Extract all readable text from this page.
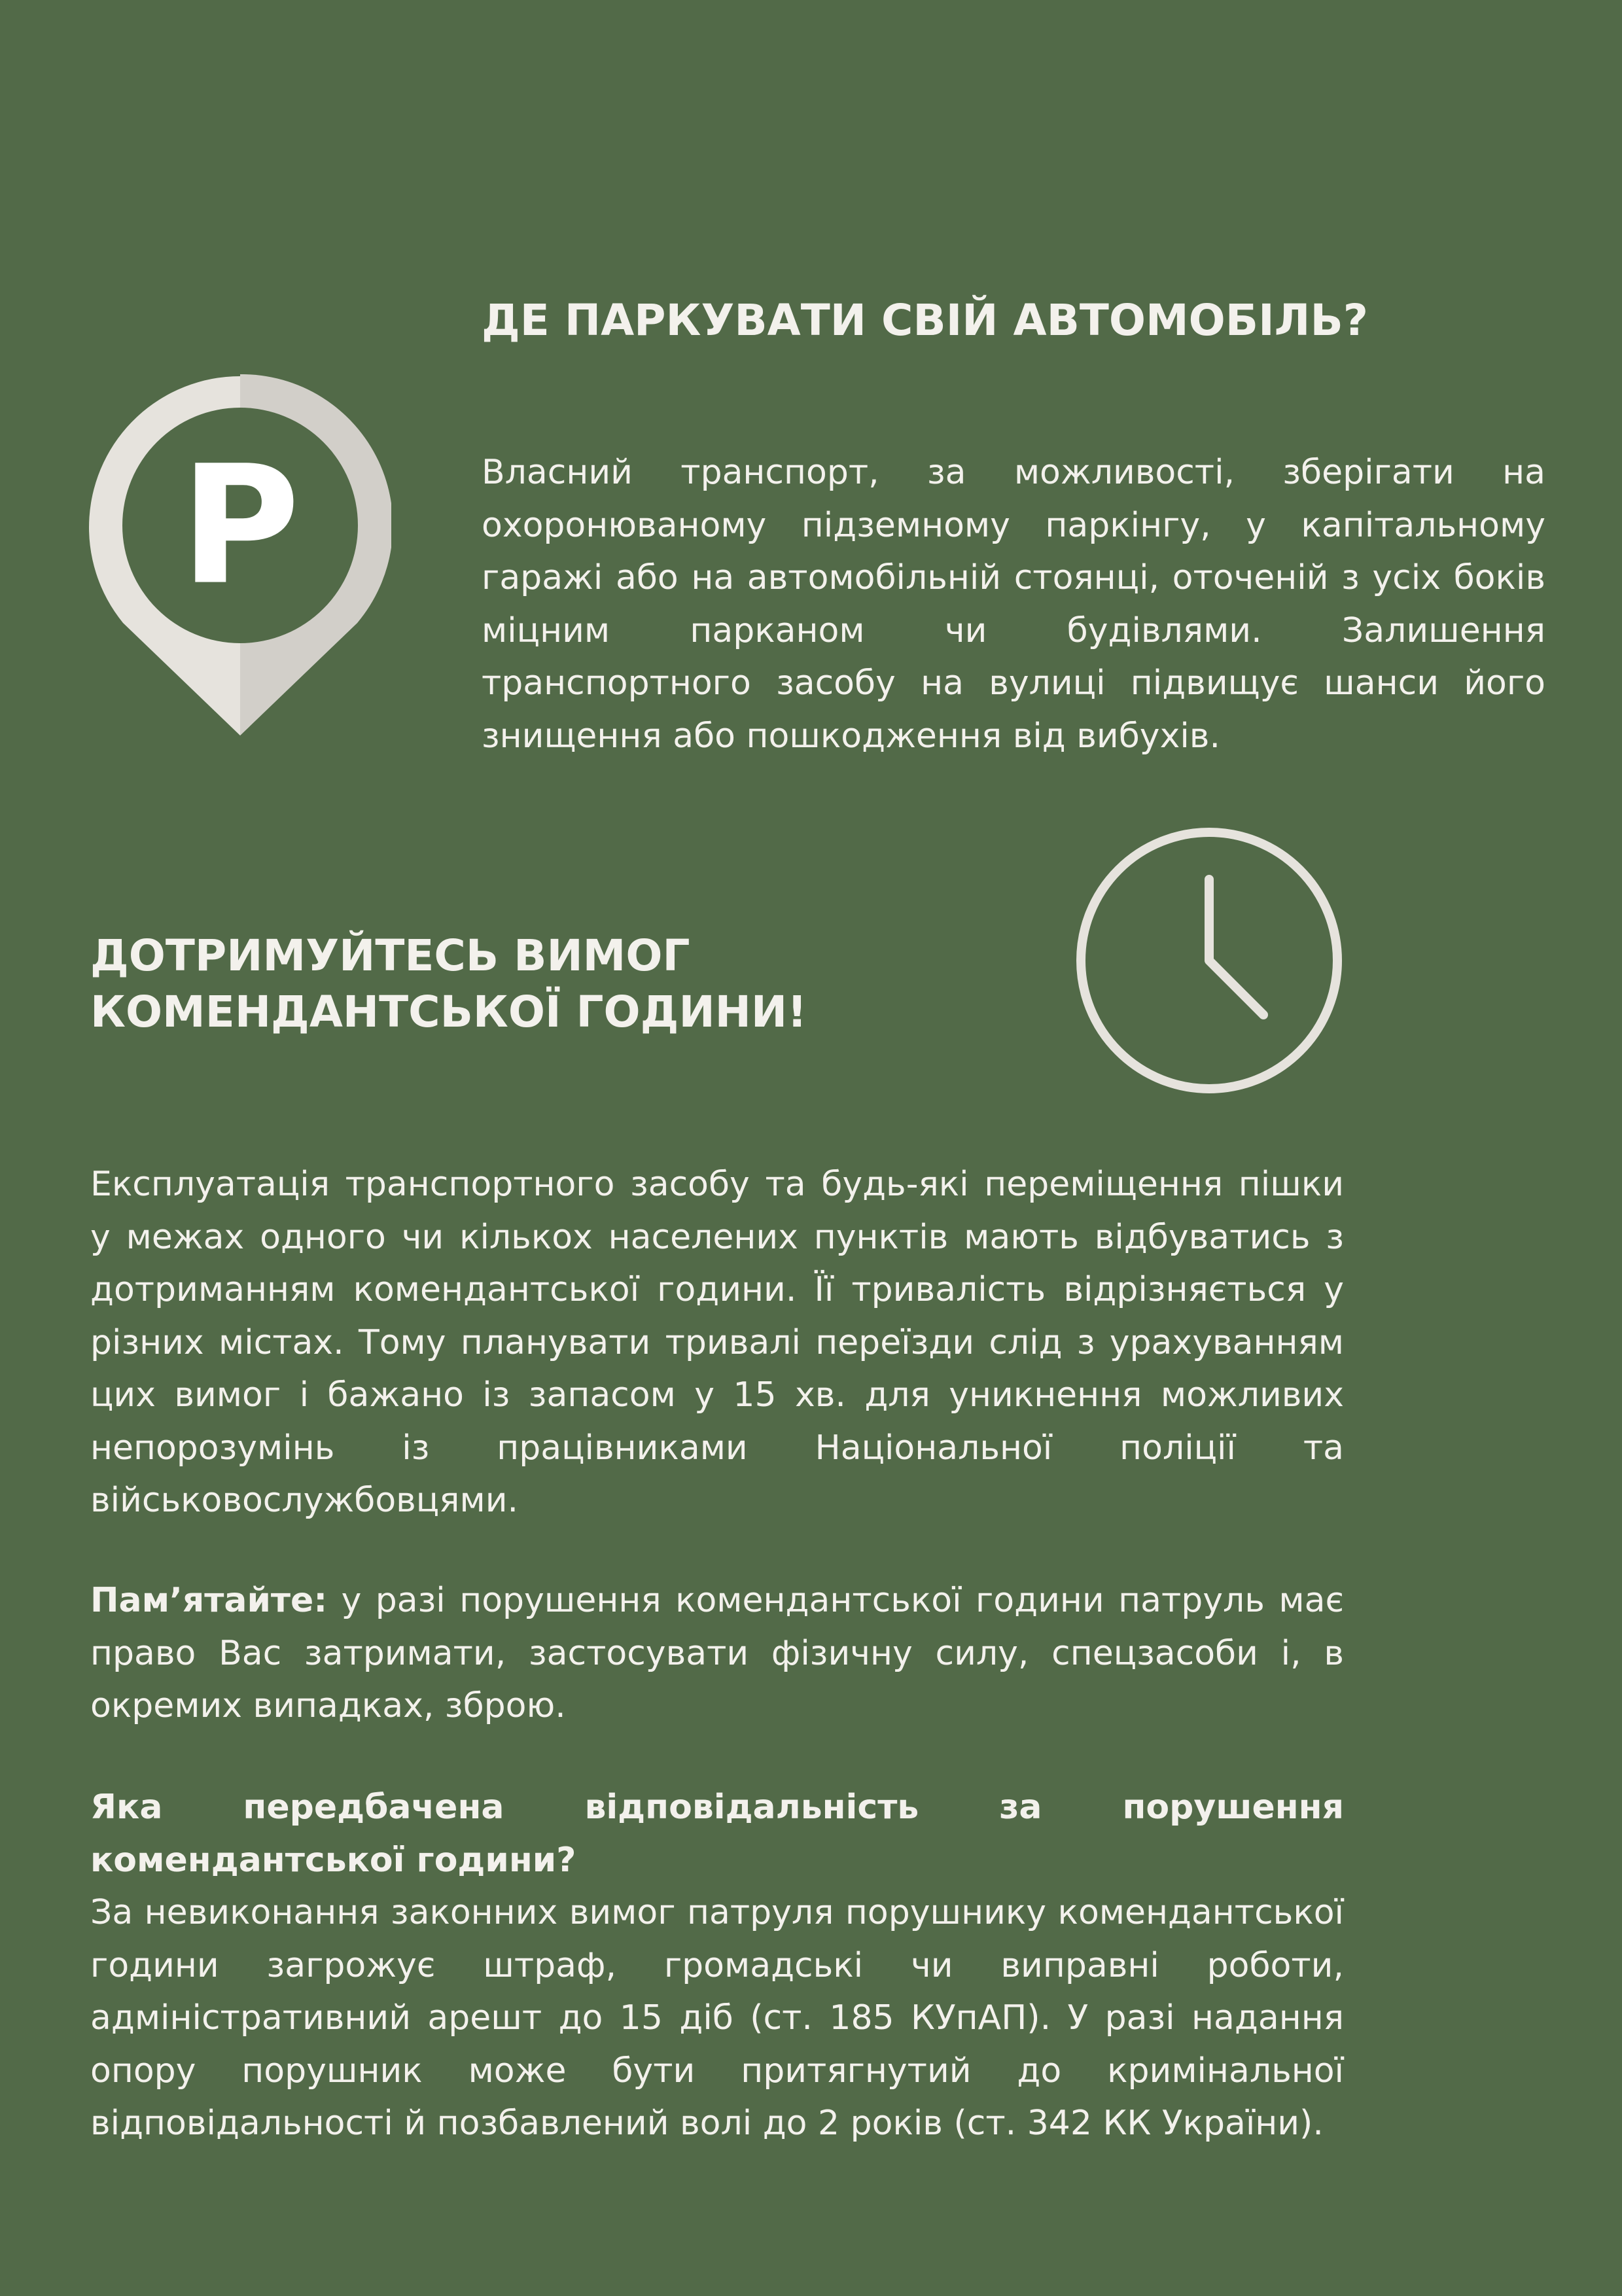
P
ДЕ ПАРКУВАТИ СВІЙ АВТОМОБІЛЬ?

Власний транспорт, за можливості, зберігати на охоронюваному підземному паркінгу, у капітальному гаражі або на автомобільній стоянці, оточеній з усіх боків міцним парканом чи будівлями. Залишення транспортного засобу на вулиці підвищує шанси його знищення або пошкодження від вибухів.

ДОТРИМУЙТЕСЬ ВИМОГ
КОМЕНДАНТСЬКОЇ ГОДИНИ!

Експлуатація транспортного засобу та будь-які переміщення пішки у межах одного чи кількох населених пунктів мають відбуватись з дотриманням комендантської години. Її тривалість відрізняється у різних містах. Тому планувати тривалі переїзди слід з урахуванням цих вимог і бажано із запасом у 15 хв. для уникнення можливих непорозумінь із працівниками Національної поліції та військовослужбовцями.

Пам’ятайте: у разі порушення комендантської години патруль має право Вас затримати, застосувати фізичну силу, спецзасоби і, в окремих випадках, зброю.

Яка передбачена відповідальність за порушення комендантської години?
За невиконання законних вимог патруля порушнику комендантської години загрожує штраф, громадські чи виправні роботи, адміністративний арешт до 15 діб (ст. 185 КУпАП). У разі надання опору порушник може бути притягнутий до кримінальної відповідальності й позбавлений волі до 2 років (ст. 342 КК України).
